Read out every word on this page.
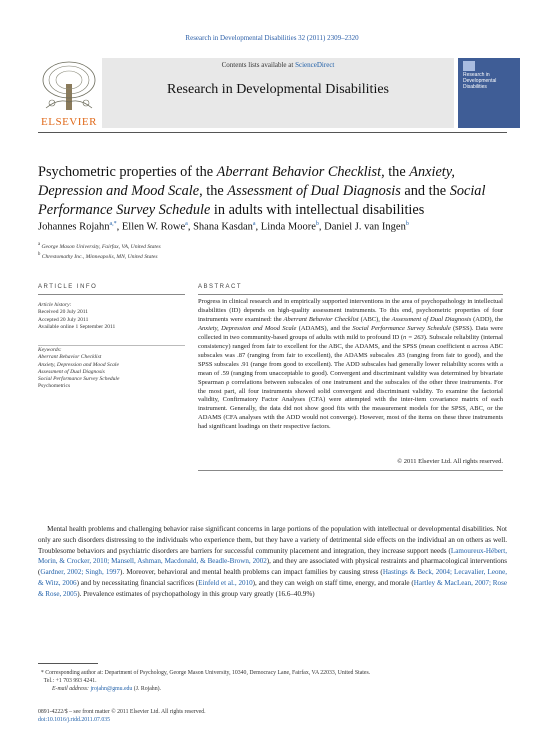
Research in Developmental Disabilities 32 (2011) 2309–2320
ELSEVIER
Contents lists available at ScienceDirect
Research in Developmental Disabilities
Research in Developmental Disabilities
Psychometric properties of the Aberrant Behavior Checklist, the Anxiety, Depression and Mood Scale, the Assessment of Dual Diagnosis and the Social Performance Survey Schedule in adults with intellectual disabilities
Johannes Rojahn$^{a,*}$, Ellen W. Rowe$^a$, Shana Kasdan$^a$, Linda Moore$^b$, Daniel J. van Ingen$^b$
$^a$ George Mason University, Fairfax, VA, United States
$^b$ Chrestomathy Inc., Minneapolis, MN, United States
ARTICLE INFO	ABSTRACT
Article history:
Received 20 July 2011
Accepted 20 July 2011
Available online 1 September 2011
Keywords:
Aberrant Behavior Checklist
Anxiety, Depression and Mood Scale
Assessment of Dual Diagnosis
Social Performance Survey Schedule
Psychometrics
Progress in clinical research and in empirically supported interventions in the area of psychopathology in intellectual disabilities (ID) depends on high-quality assessment instruments. To this end, psychometric properties of four instruments were examined: the Aberrant Behavior Checklist (ABC), the Assessment of Dual Diagnosis (ADD), the Anxiety, Depression and Mood Scale (ADAMS), and the Social Performance Survey Schedule (SPSS). Data were collected in two community-based groups of adults with mild to profound ID (n = 263). Subscale reliability (internal consistency) ranged from fair to excellent for the ABC, the ADAMS, and the SPSS (mean coefficient α across ABC subscales was .87 (ranging from fair to excellent), the ADAMS subscales .83 (ranging from fair to good), and the SPSS subscales .91 (range from good to excellent). The ADD subscales had generally lower reliability scores with a mean of .59 (ranging from unacceptable to good). Convergent and discriminant validity was determined by bivariate Spearman ρ correlations between subscales of one instrument and the subscales of the other three instruments. For the most part, all four instruments showed solid convergent and discriminant validity. To examine the factorial validity, Confirmatory Factor Analyses (CFA) were attempted with the inter-item covariance matrix of each instrument. Generally, the data did not show good fits with the measurement models for the SPSS, ABC, or the ADAMS (CFA analyses with the ADD would not converge). However, most of the items on these three instruments had significant loadings on their respective factors.
© 2011 Elsevier Ltd. All rights reserved.
Mental health problems and challenging behavior raise significant concerns in large portions of the population with intellectual or developmental disabilities. Not only are such disorders distressing to the individuals who experience them, but they have a variety of detrimental side effects on the individual an on others as well. Troublesome behaviors and psychiatric disorders are barriers for successful community placement and integration, they increase support needs (Lamoureux-Hébert, Morin, & Crocker, 2010; Mansell, Ashman, Macdonald, & Beadle-Brown, 2002), and they are associated with physical restraints and pharmacological interventions (Gardner, 2002; Singh, 1997). Moreover, behavioral and mental health problems can impact families by causing stress (Hastings & Beck, 2004; Lecavalier, Leone, & Witz, 2006) and by necessitating financial sacrifices (Einfeld et al., 2010), and they can weigh on staff time, energy, and morale (Hartley & MacLean, 2007; Rose & Rose, 2005). Prevalence estimates of psychopathology in this group vary greatly (16.6–40.9%)
* Corresponding author at: Department of Psychology, George Mason University, 10340, Democracy Lane, Fairfax, VA 22033, United States.
Tel.: +1 703 993 4241.
E-mail address: jrojahn@gmu.edu (J. Rojahn).
0891-4222/$ – see front matter © 2011 Elsevier Ltd. All rights reserved.
doi:10.1016/j.ridd.2011.07.035
